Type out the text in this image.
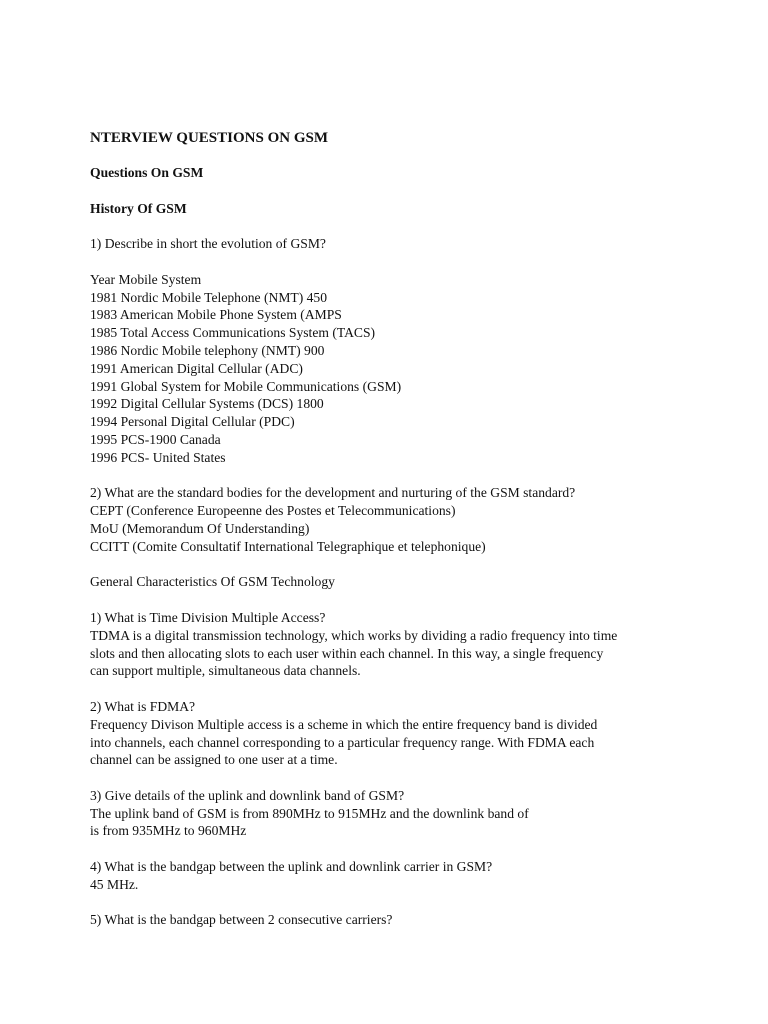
NTERVIEW QUESTIONS ON GSM

Questions On GSM

History Of GSM

1) Describe in short the evolution of GSM?

Year Mobile System

1981 Nordic Mobile Telephone (NMT) 450

1983 American Mobile Phone System (AMPS

1985 Total Access Communications System (TACS)

1986 Nordic Mobile telephony (NMT) 900

1991 American Digital Cellular (ADC)

1991 Global System for Mobile Communications (GSM)

1992 Digital Cellular Systems (DCS) 1800

1994 Personal Digital Cellular (PDC)

1995 PCS-1900 Canada

1996 PCS- United States

2) What are the standard bodies for the development and nurturing of the GSM standard?

CEPT (Conference Europeenne des Postes et Telecommunications)

MoU (Memorandum Of Understanding)

CCITT (Comite Consultatif International Telegraphique et telephonique)

General Characteristics Of GSM Technology

1) What is Time Division Multiple Access?

TDMA is a digital transmission technology, which works by dividing a radio frequency into time

slots and then allocating slots to each user within each channel. In this way, a single frequency

can support multiple, simultaneous data channels.

2) What is FDMA?

Frequency Divison Multiple access is a scheme in which the entire frequency band is divided

into channels, each channel corresponding to a particular frequency range. With FDMA each

channel can be assigned to one user at a time.

3) Give details of the uplink and downlink band of GSM?

The uplink band of GSM is from 890MHz to 915MHz and the downlink band of

is from 935MHz to 960MHz

4) What is the bandgap between the uplink and downlink carrier in GSM?

45 MHz.

5) What is the bandgap between 2 consecutive carriers?
